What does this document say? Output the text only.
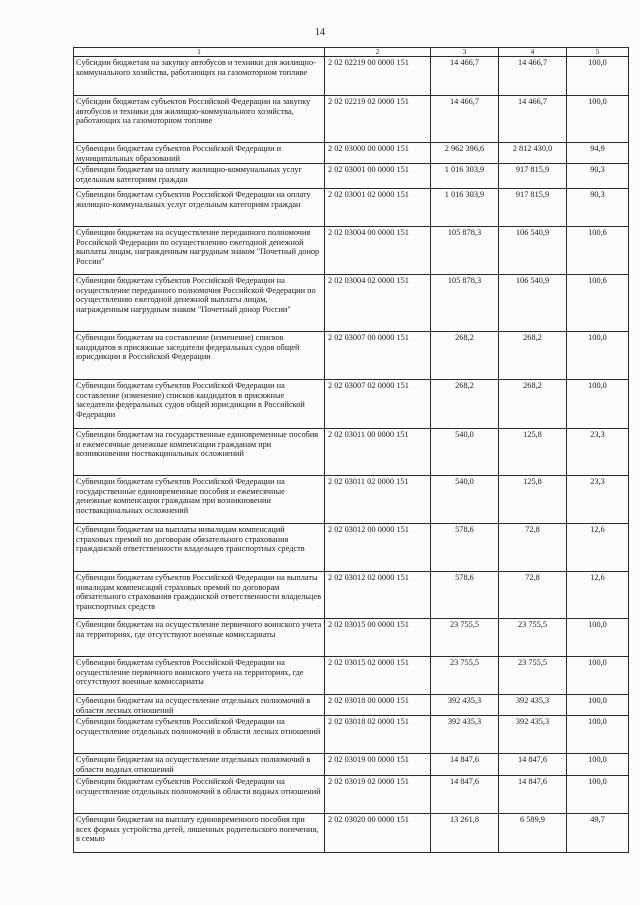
14
1	2	3	4	5
Субсидии бюджетам на закупку автобусов и техники для жилищно-коммунального хозяйства, работающих на газомоторном топливе	2 02 02219 00 0000 151	14 466,7	14 466,7	100,0
Субсидии бюджетам субъектов Российской Федерации на закупку автобусов и техники для жилищно-коммунального хозяйства, работающих на газомоторном топливе	2 02 02219 02 0000 151	14 466,7	14 466,7	100,0
Субвенции бюджетам субъектов Российской Федерации и муниципальных образований	2 02 03000 00 0000 151	2 962 396,6	2 812 430,0	94,9
Субвенции бюджетам на оплату жилищно-коммунальных услуг отдельным категориям граждан	2 02 03001 00 0000 151	1 016 303,9	917 815,9	90,3
Субвенции бюджетам субъектов Российской Федерации на оплату жилищно-коммунальных услуг отдельным категориям граждан	2 02 03001 02 0000 151	1 016 303,9	917 815,9	90,3
Субвенции бюджетам на осуществление переданного полномочия Российской Федерации по осуществлению ежегодной денежной выплаты лицам, награжденным нагрудным знаком "Почетный донор России"	2 02 03004 00 0000 151	105 878,3	106 540,9	100,6
Субвенции бюджетам субъектов Российской Федерации на осуществление переданного полномочия Российской Федерации по осуществлению ежегодной денежной выплаты лицам, награжденным нагрудным знаком "Почетный донор России"	2 02 03004 02 0000 151	105 878,3	106 540,9	100,6
Субвенции бюджетам на составление (изменение) списков кандидатов в присяжные заседатели федеральных судов общей юрисдикции в Российской Федерации	2 02 03007 00 0000 151	268,2	268,2	100,0
Субвенции бюджетам субъектов Российской Федерации на составление (изменение) списков кандидатов в присяжные заседатели федеральных судов общей юрисдикции в Российской Федерации	2 02 03007 02 0000 151	268,2	268,2	100,0
Субвенции бюджетам на государственные единовременные пособия и ежемесячные денежные компенсации гражданам при возникновении поствакцинальных осложнений	2 02 03011 00 0000 151	540,0	125,8	23,3
Субвенции бюджетам субъектов Российской Федерации на государственные единовременные пособия и ежемесячные денежные компенсации гражданам при возникновении поствакцинальных осложнений	2 02 03011 02 0000 151	540,0	125,8	23,3
Субвенции бюджетам на выплаты инвалидам компенсаций страховых премий по договорам обязательного страхования гражданской ответственности владельцев транспортных средств	2 02 03012 00 0000 151	578,6	72,8	12,6
Субвенции бюджетам субъектов Российской Федерации на выплаты инвалидам компенсаций страховых премий по договорам обязательного страхования гражданской ответственности владельцев транспортных средств	2 02 03012 02 0000 151	578,6	72,8	12,6
Субвенции бюджетам на осуществление первичного воинского учета на территориях, где отсутствуют военные комиссариаты	2 02 03015 00 0000 151	23 755,5	23 755,5	100,0
Субвенции бюджетам субъектов Российской Федерации на осуществление первичного воинского учета на территориях, где отсутствуют военные комиссариаты	2 02 03015 02 0000 151	23 755,5	23 755,5	100,0
Субвенции бюджетам на осуществление отдельных полномочий в области лесных отношений	2 02 03018 00 0000 151	392 435,3	392 435,3	100,0
Субвенции бюджетам субъектов Российской Федерации на осуществление отдельных полномочий в области лесных отношений	2 02 03018 02 0000 151	392 435,3	392 435,3	100,0
Субвенции бюджетам на осуществление отдельных полномочий в области водных отношений	2 02 03019 00 0000 151	14 847,6	14 847,6	100,0
Субвенции бюджетам субъектов Российской Федерации на осуществление отдельных полномочий в области водных отношений	2 02 03019 02 0000 151	14 847,6	14 847,6	100,0
Субвенции бюджетам на выплату единовременного пособия при всех формах устройства детей, лишенных родительского попечения, в семью	2 02 03020 00 0000 151	13 261,8	6 589,9	49,7
